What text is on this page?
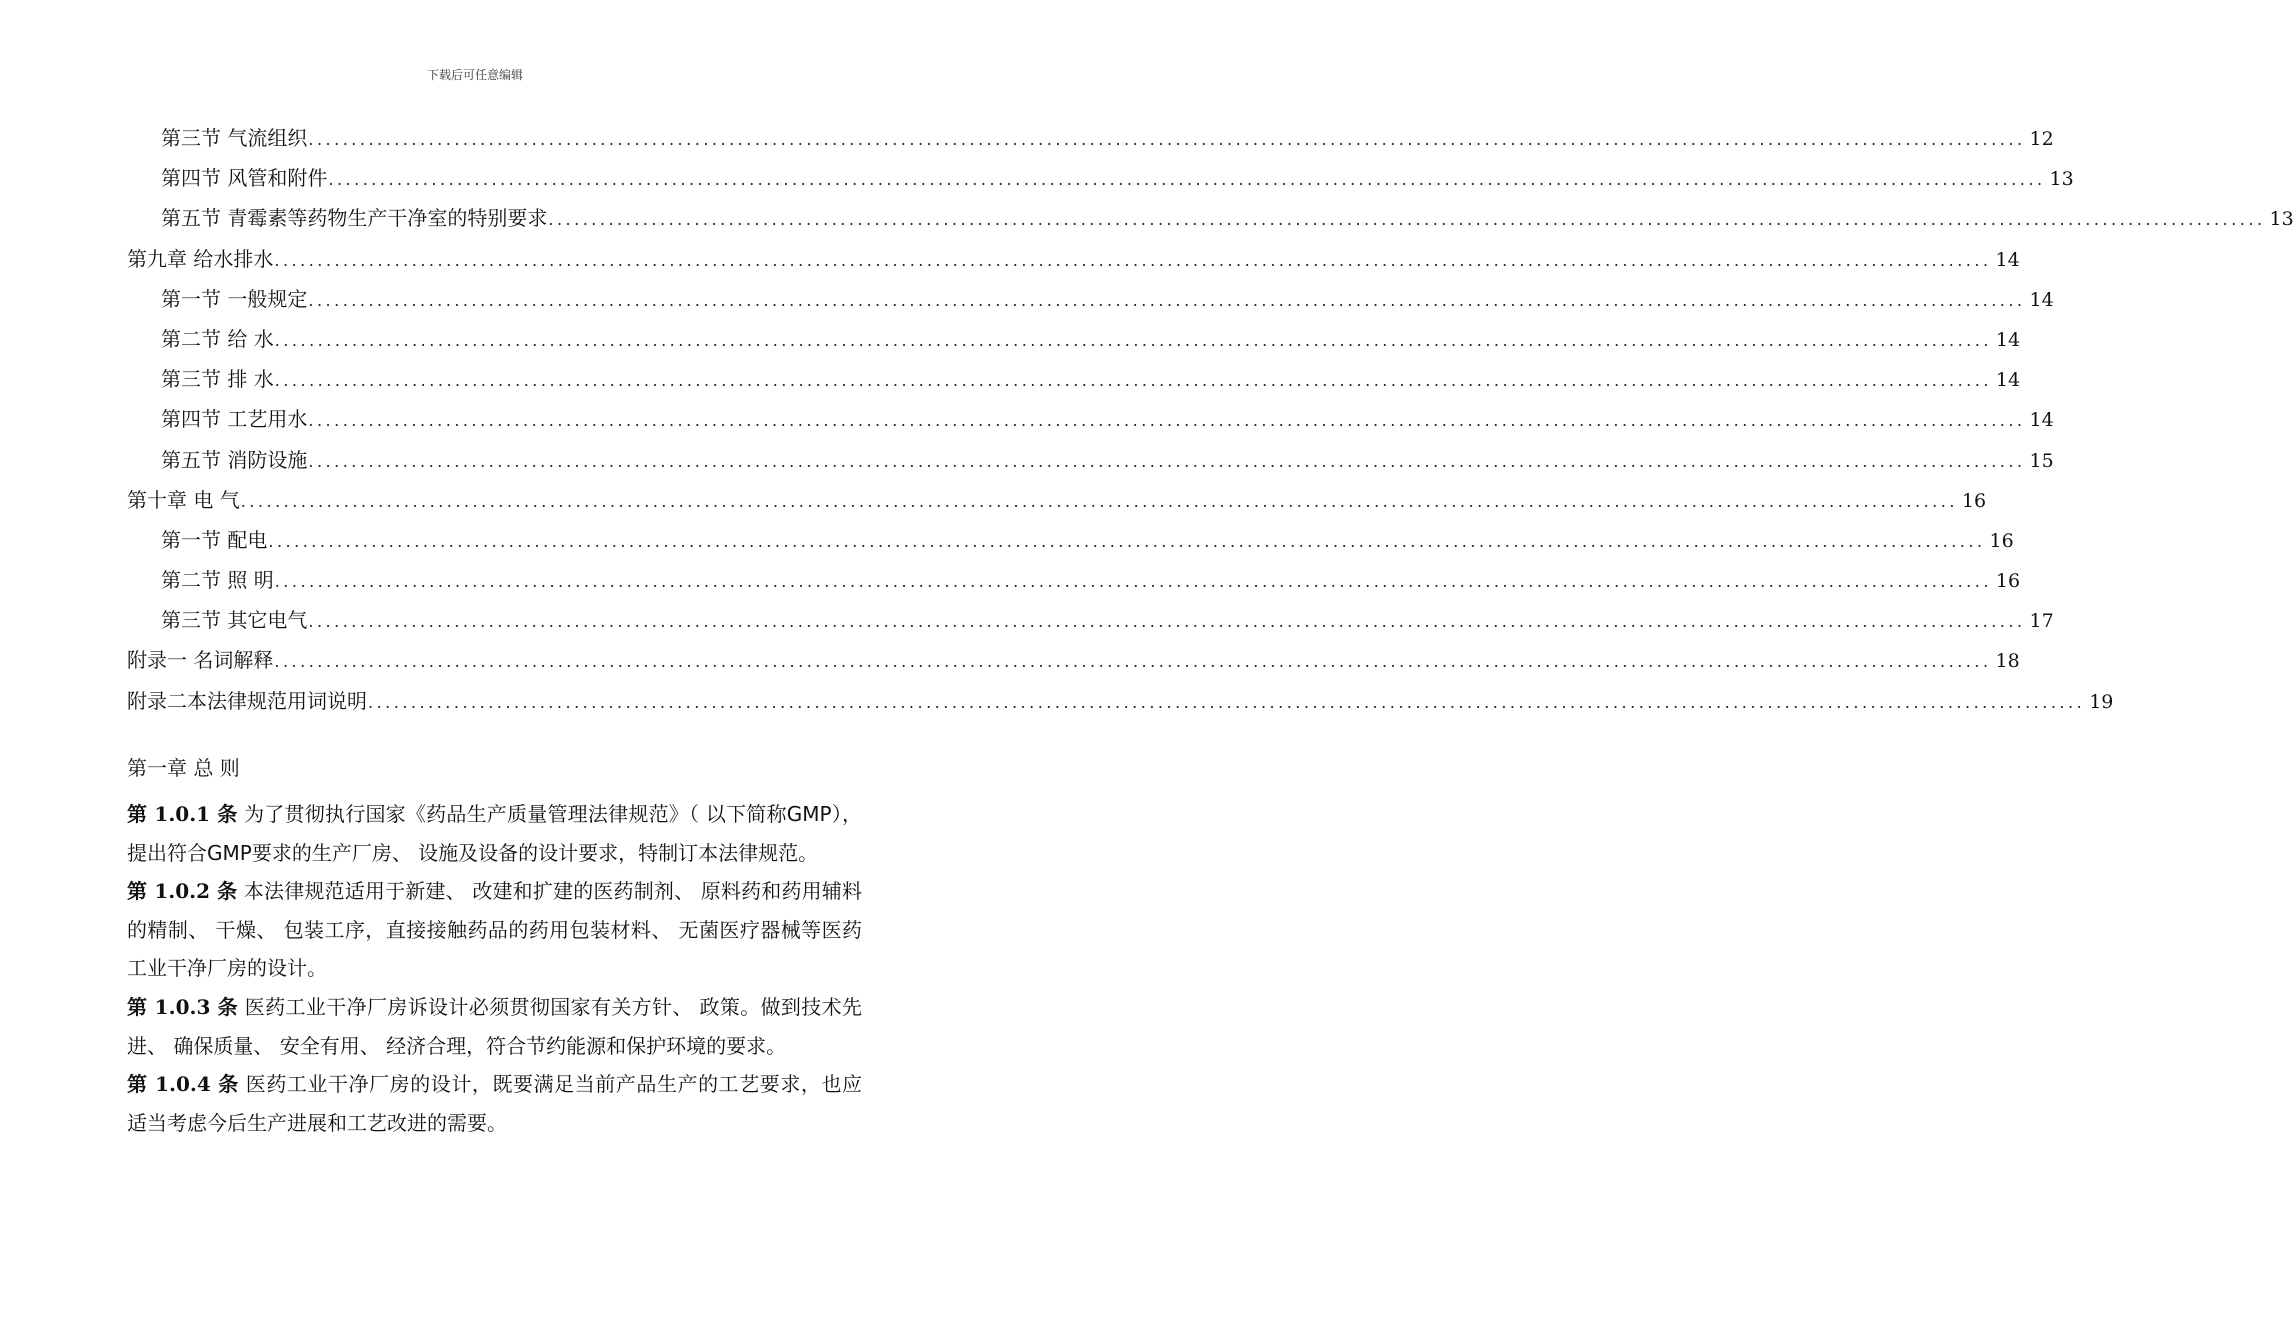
下载后可任意编辑
第三节 气流组织 ........................................................................................................................................................................................................ 12
第四节 风管和附件 ........................................................................................................................................................................................................ 13
第五节 青霉素等药物生产干净室的特别要求 ........................................................................................................................................................................................................ 13
第九章 给水排水 ........................................................................................................................................................................................................ 14
第一节 一般规定 ........................................................................................................................................................................................................ 14
第二节 给 水 ........................................................................................................................................................................................................ 14
第三节 排 水 ........................................................................................................................................................................................................ 14
第四节 工艺用水 ........................................................................................................................................................................................................ 14
第五节 消防设施 ........................................................................................................................................................................................................ 15
第十章 电 气 ........................................................................................................................................................................................................ 16
第一节 配电 ........................................................................................................................................................................................................ 16
第二节 照 明 ........................................................................................................................................................................................................ 16
第三节 其它电气 ........................................................................................................................................................................................................ 17
附录一 名词解释 ........................................................................................................................................................................................................ 18
附录二本法律规范用词说明 ........................................................................................................................................................................................................ 19
第一章 总 则

第 1.0.1 条 为了贯彻执行国家《药品生产质量管理法律规范》（ 以下简称GMP），提出符合GMP要求的生产厂房、 设施及设备的设计要求，特制订本法律规范。

第 1.0.2 条 本法律规范适用于新建、 改建和扩建的医药制剂、 原料药和药用辅料的精制、 干燥、 包装工序，直接接触药品的药用包装材料、 无菌医疗器械等医药工业干净厂房的设计。

第 1.0.3 条 医药工业干净厂房诉设计必须贯彻国家有关方针、 政策。做到技术先进、 确保质量、 安全有用、 经济合理，符合节约能源和保护环境的要求。

第 1.0.4 条 医药工业干净厂房的设计，既要满足当前产品生产的工艺要求，也应适当考虑今后生产进展和工艺改进的需要。
